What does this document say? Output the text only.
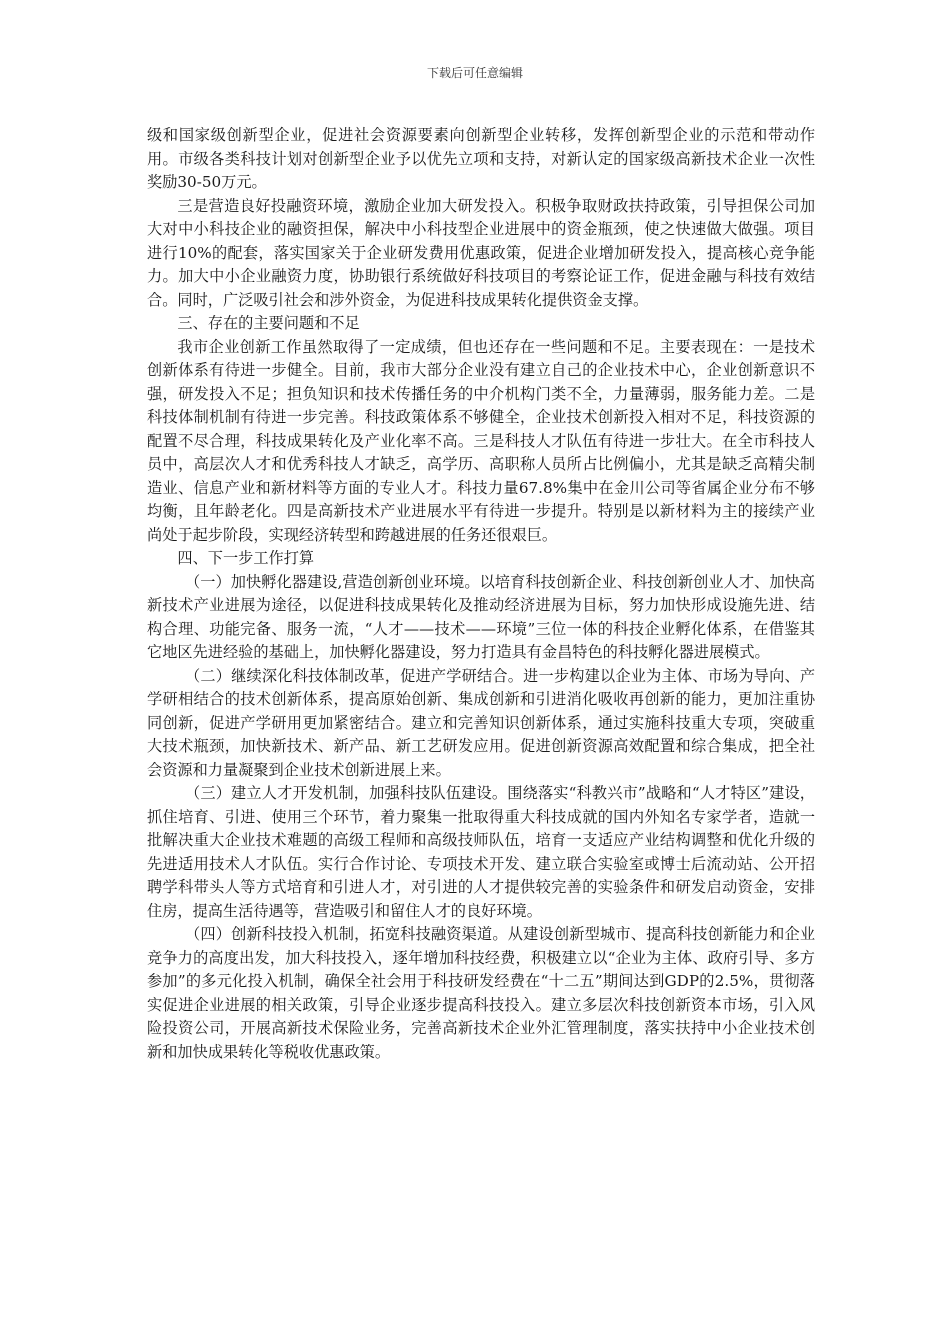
下载后可任意编辑

级和国家级创新型企业，促进社会资源要素向创新型企业转移，发挥创新型企业的示范和带动作用。市级各类科技计划对创新型企业予以优先立项和支持，对新认定的国家级高新技术企业一次性奖励30-50万元。

三是营造良好投融资环境，激励企业加大研发投入。积极争取财政扶持政策，引导担保公司加大对中小科技企业的融资担保，解决中小科技型企业进展中的资金瓶颈，使之快速做大做强。项目进行10%的配套，落实国家关于企业研发费用优惠政策，促进企业增加研发投入，提高核心竞争能力。加大中小企业融资力度，协助银行系统做好科技项目的考察论证工作，促进金融与科技有效结合。同时，广泛吸引社会和涉外资金，为促进科技成果转化提供资金支撑。

三、存在的主要问题和不足

我市企业创新工作虽然取得了一定成绩，但也还存在一些问题和不足。主要表现在：一是技术创新体系有待进一步健全。目前，我市大部分企业没有建立自己的企业技术中心，企业创新意识不强，研发投入不足；担负知识和技术传播任务的中介机构门类不全，力量薄弱，服务能力差。二是科技体制机制有待进一步完善。科技政策体系不够健全，企业技术创新投入相对不足，科技资源的配置不尽合理，科技成果转化及产业化率不高。三是科技人才队伍有待进一步壮大。在全市科技人员中，高层次人才和优秀科技人才缺乏，高学历、高职称人员所占比例偏小，尤其是缺乏高精尖制造业、信息产业和新材料等方面的专业人才。科技力量67.8%集中在金川公司等省属企业分布不够均衡，且年龄老化。四是高新技术产业进展水平有待进一步提升。特别是以新材料为主的接续产业尚处于起步阶段，实现经济转型和跨越进展的任务还很艰巨。

四、下一步工作打算

（一）加快孵化器建设,营造创新创业环境。以培育科技创新企业、科技创新创业人才、加快高新技术产业进展为途径，以促进科技成果转化及推动经济进展为目标，努力加快形成设施先进、结构合理、功能完备、服务一流，“人才——技术——环境”三位一体的科技企业孵化体系，在借鉴其它地区先进经验的基础上，加快孵化器建设，努力打造具有金昌特色的科技孵化器进展模式。

（二）继续深化科技体制改革，促进产学研结合。进一步构建以企业为主体、市场为导向、产学研相结合的技术创新体系，提高原始创新、集成创新和引进消化吸收再创新的能力，更加注重协同创新，促进产学研用更加紧密结合。建立和完善知识创新体系，通过实施科技重大专项，突破重大技术瓶颈，加快新技术、新产品、新工艺研发应用。促进创新资源高效配置和综合集成，把全社会资源和力量凝聚到企业技术创新进展上来。

（三）建立人才开发机制，加强科技队伍建设。围绕落实“科教兴市”战略和“人才特区”建设，抓住培育、引进、使用三个环节，着力聚集一批取得重大科技成就的国内外知名专家学者，造就一批解决重大企业技术难题的高级工程师和高级技师队伍，培育一支适应产业结构调整和优化升级的先进适用技术人才队伍。实行合作讨论、专项技术开发、建立联合实验室或博士后流动站、公开招聘学科带头人等方式培育和引进人才，对引进的人才提供较完善的实验条件和研发启动资金，安排住房，提高生活待遇等，营造吸引和留住人才的良好环境。

（四）创新科技投入机制，拓宽科技融资渠道。从建设创新型城市、提高科技创新能力和企业竞争力的高度出发，加大科技投入，逐年增加科技经费，积极建立以“企业为主体、政府引导、多方参加”的多元化投入机制，确保全社会用于科技研发经费在“十二五”期间达到GDP的2.5%，贯彻落实促进企业进展的相关政策，引导企业逐步提高科技投入。建立多层次科技创新资本市场，引入风险投资公司，开展高新技术保险业务，完善高新技术企业外汇管理制度，落实扶持中小企业技术创新和加快成果转化等税收优惠政策。
